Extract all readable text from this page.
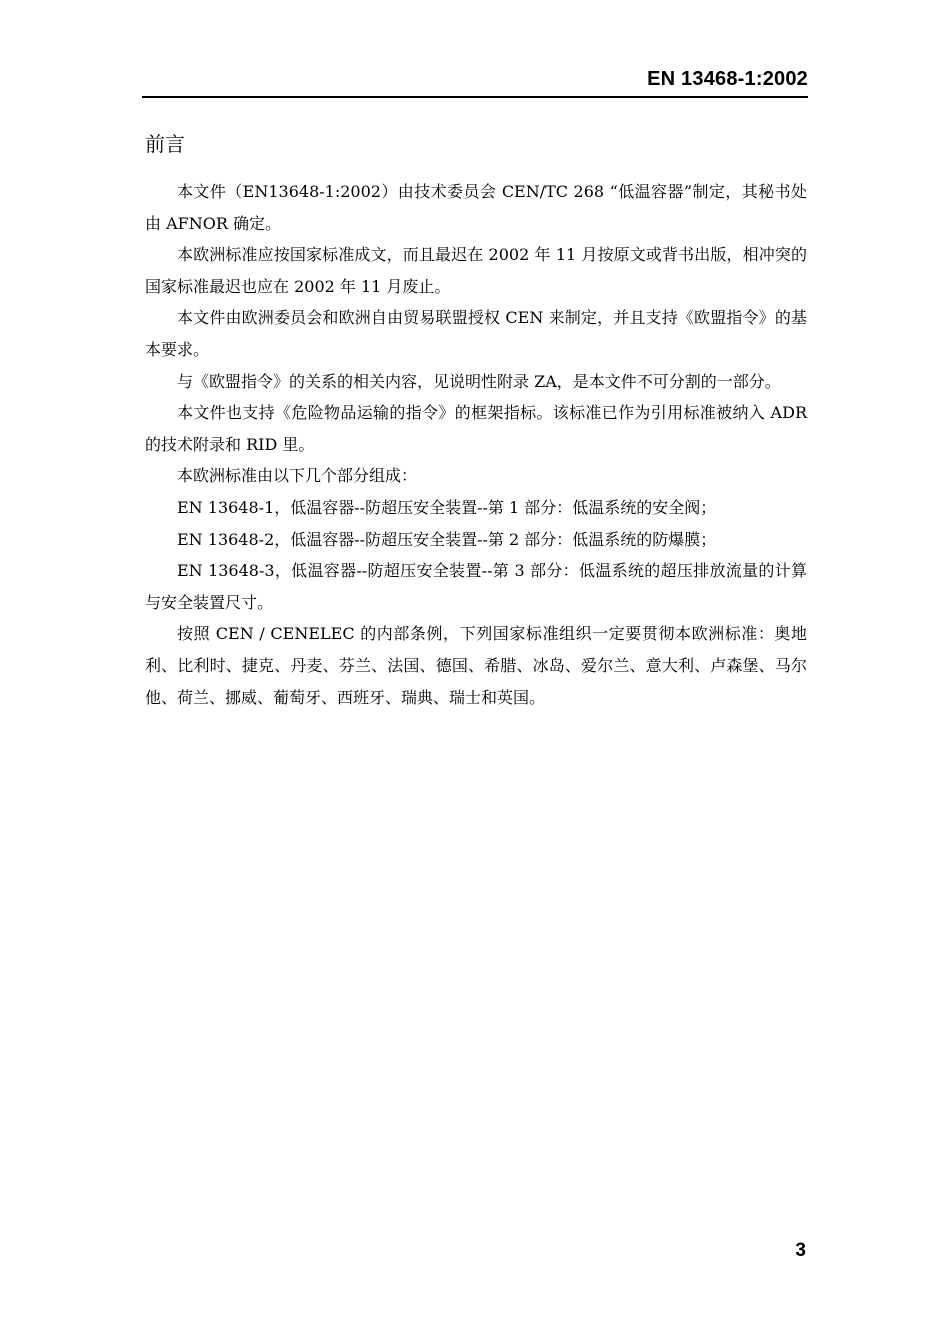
EN 13468-1:2002
前言

本文件（EN13648-1:2002）由技术委员会 CEN/TC 268 “低温容器”制定，其秘书处由 AFNOR 确定。

本欧洲标准应按国家标准成文，而且最迟在 2002 年 11 月按原文或背书出版，相冲突的国家标准最迟也应在 2002 年 11 月废止。

本文件由欧洲委员会和欧洲自由贸易联盟授权 CEN 来制定，并且支持《欧盟指令》的基本要求。

与《欧盟指令》的关系的相关内容，见说明性附录 ZA，是本文件不可分割的一部分。

本文件也支持《危险物品运输的指令》的框架指标。该标准已作为引用标准被纳入 ADR 的技术附录和 RID 里。

本欧洲标准由以下几个部分组成：

EN 13648-1，低温容器--防超压安全装置--第 1 部分：低温系统的安全阀；

EN 13648-2，低温容器--防超压安全装置--第 2 部分：低温系统的防爆膜；

EN 13648-3，低温容器--防超压安全装置--第 3 部分：低温系统的超压排放流量的计算与安全装置尺寸。

按照 CEN / CENELEC 的内部条例，下列国家标准组织一定要贯彻本欧洲标准：奥地利、比利时、捷克、丹麦、芬兰、法国、德国、希腊、冰岛、爱尔兰、意大利、卢森堡、马尔他、荷兰、挪威、葡萄牙、西班牙、瑞典、瑞士和英国。

3
